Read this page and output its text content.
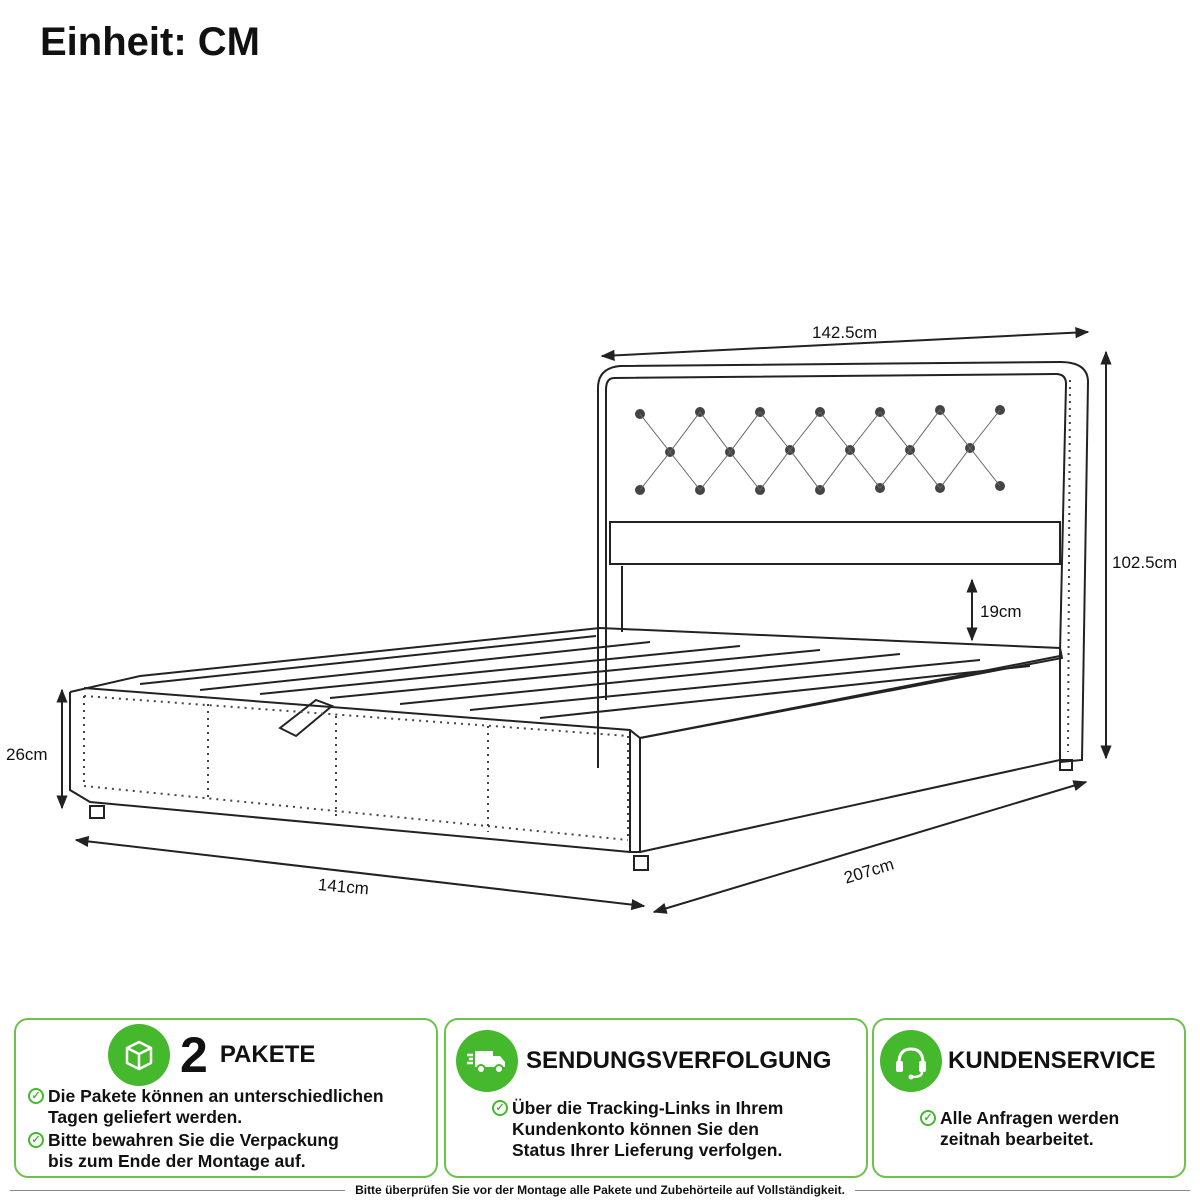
Einheit: CM
142.5cm
102.5cm
19cm
26cm
141cm	207cm
2 PAKETE
✓ Die Pakete können an unterschiedlichen
Tagen geliefert werden.
✓ Bitte bewahren Sie die Verpackung
bis zum Ende der Montage auf.
SENDUNGSVERFOLGUNG
✓ Über die Tracking-Links in Ihrem
Kundenkonto können Sie den
Status Ihrer Lieferung verfolgen.
KUNDENSERVICE
✓ Alle Anfragen werden
zeitnah bearbeitet.
Bitte überprüfen Sie vor der Montage alle Pakete und Zubehörteile auf Vollständigkeit.
